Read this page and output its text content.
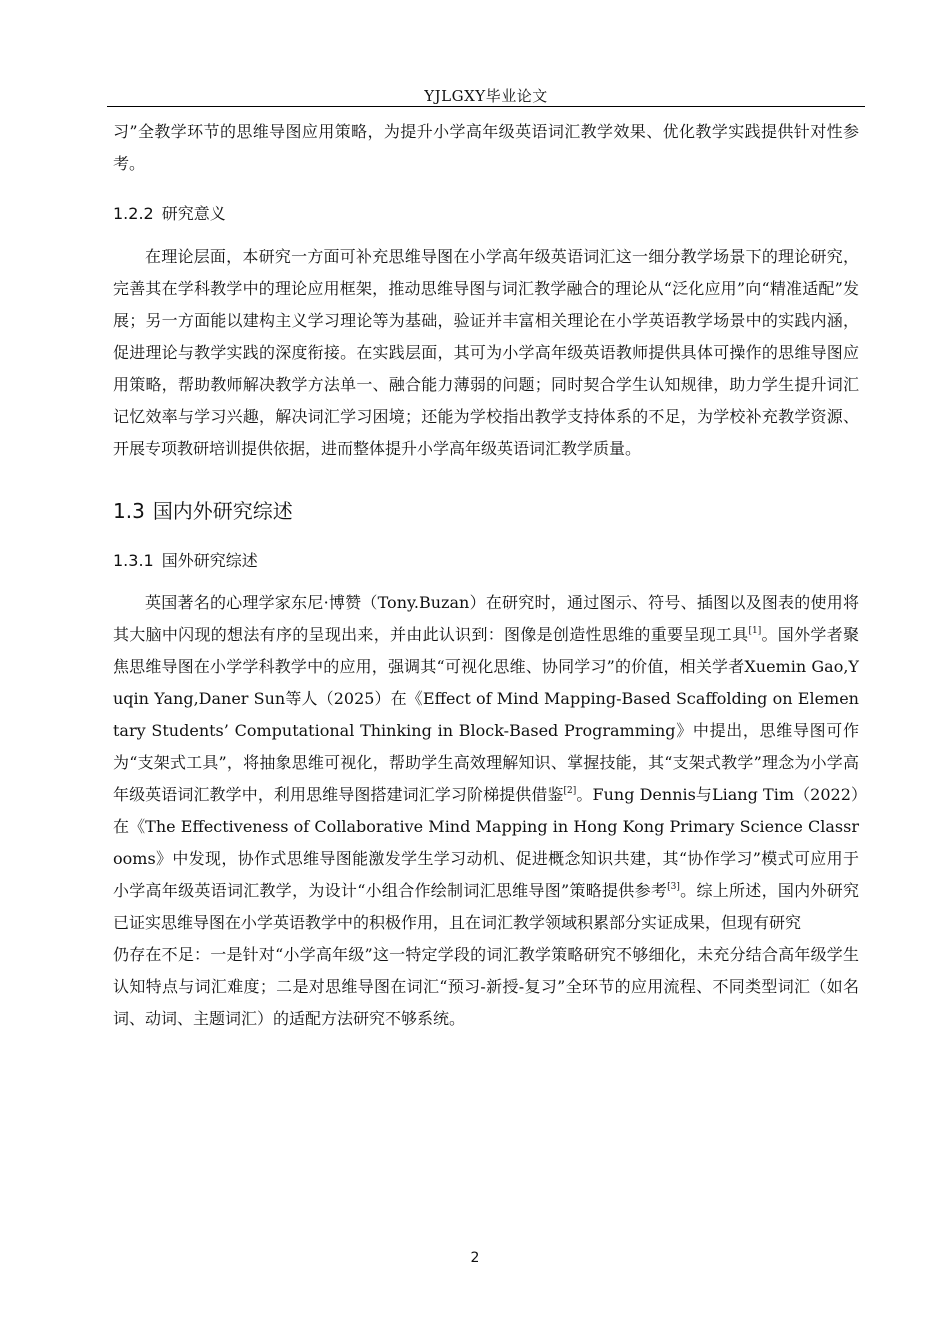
YJLGXY毕业论文

习”全教学环节的思维导图应用策略，为提升小学高年级英语词汇教学效果、优化教学实践提供针对性参考。

1.2.2 研究意义

在理论层面，本研究一方面可补充思维导图在小学高年级英语词汇这一细分教学场景下的理论研究，完善其在学科教学中的理论应用框架，推动思维导图与词汇教学融合的理论从“泛化应用”向“精准适配”发展；另一方面能以建构主义学习理论等为基础，验证并丰富相关理论在小学英语教学场景中的实践内涵，促进理论与教学实践的深度衔接。在实践层面，其可为小学高年级英语教师提供具体可操作的思维导图应用策略，帮助教师解决教学方法单一、融合能力薄弱的问题；同时契合学生认知规律，助力学生提升词汇记忆效率与学习兴趣，解决词汇学习困境；还能为学校指出教学支持体系的不足，为学校补充教学资源、开展专项教研培训提供依据，进而整体提升小学高年级英语词汇教学质量。

1.3 国内外研究综述
1.3.1 国外研究综述

英国著名的心理学家东尼·博赞（Tony.Buzan）在研究时，通过图示、符号、插图以及图表的使用将其大脑中闪现的想法有序的呈现出来，并由此认识到：图像是创造性思维的重要呈现工具[1]。国外学者聚焦思维导图在小学学科教学中的应用，强调其“可视化思维、协同学习”的价值，相关学者Xuemin Gao,Yuqin Yang,Daner Sun等人（2025）在《Effect of Mind Mapping-Based Scaffolding on Elementary Students’ Computational Thinking in Block-Based Programming》中提出，思维导图可作为“支架式工具”，将抽象思维可视化，帮助学生高效理解知识、掌握技能，其“支架式教学”理念为小学高年级英语词汇教学中，利用思维导图搭建词汇学习阶梯提供借鉴[2]。Fung Dennis与Liang Tim（2022）在《The Effectiveness of Collaborative Mind Mapping in Hong Kong Primary Science Classrooms》中发现，协作式思维导图能激发学生学习动机、促进概念知识共建，其“协作学习”模式可应用于小学高年级英语词汇教学，为设计“小组合作绘制词汇思维导图”策略提供参考[3]。综上所述，国内外研究已证实思维导图在小学英语教学中的积极作用，且在词汇教学领域积累部分实证成果，但现有研究

仍存在不足：一是针对“小学高年级”这一特定学段的词汇教学策略研究不够细化，未充分结合高年级学生认知特点与词汇难度；二是对思维导图在词汇“预习-新授-复习”全环节的应用流程、不同类型词汇（如名词、动词、主题词汇）的适配方法研究不够系统。

2
